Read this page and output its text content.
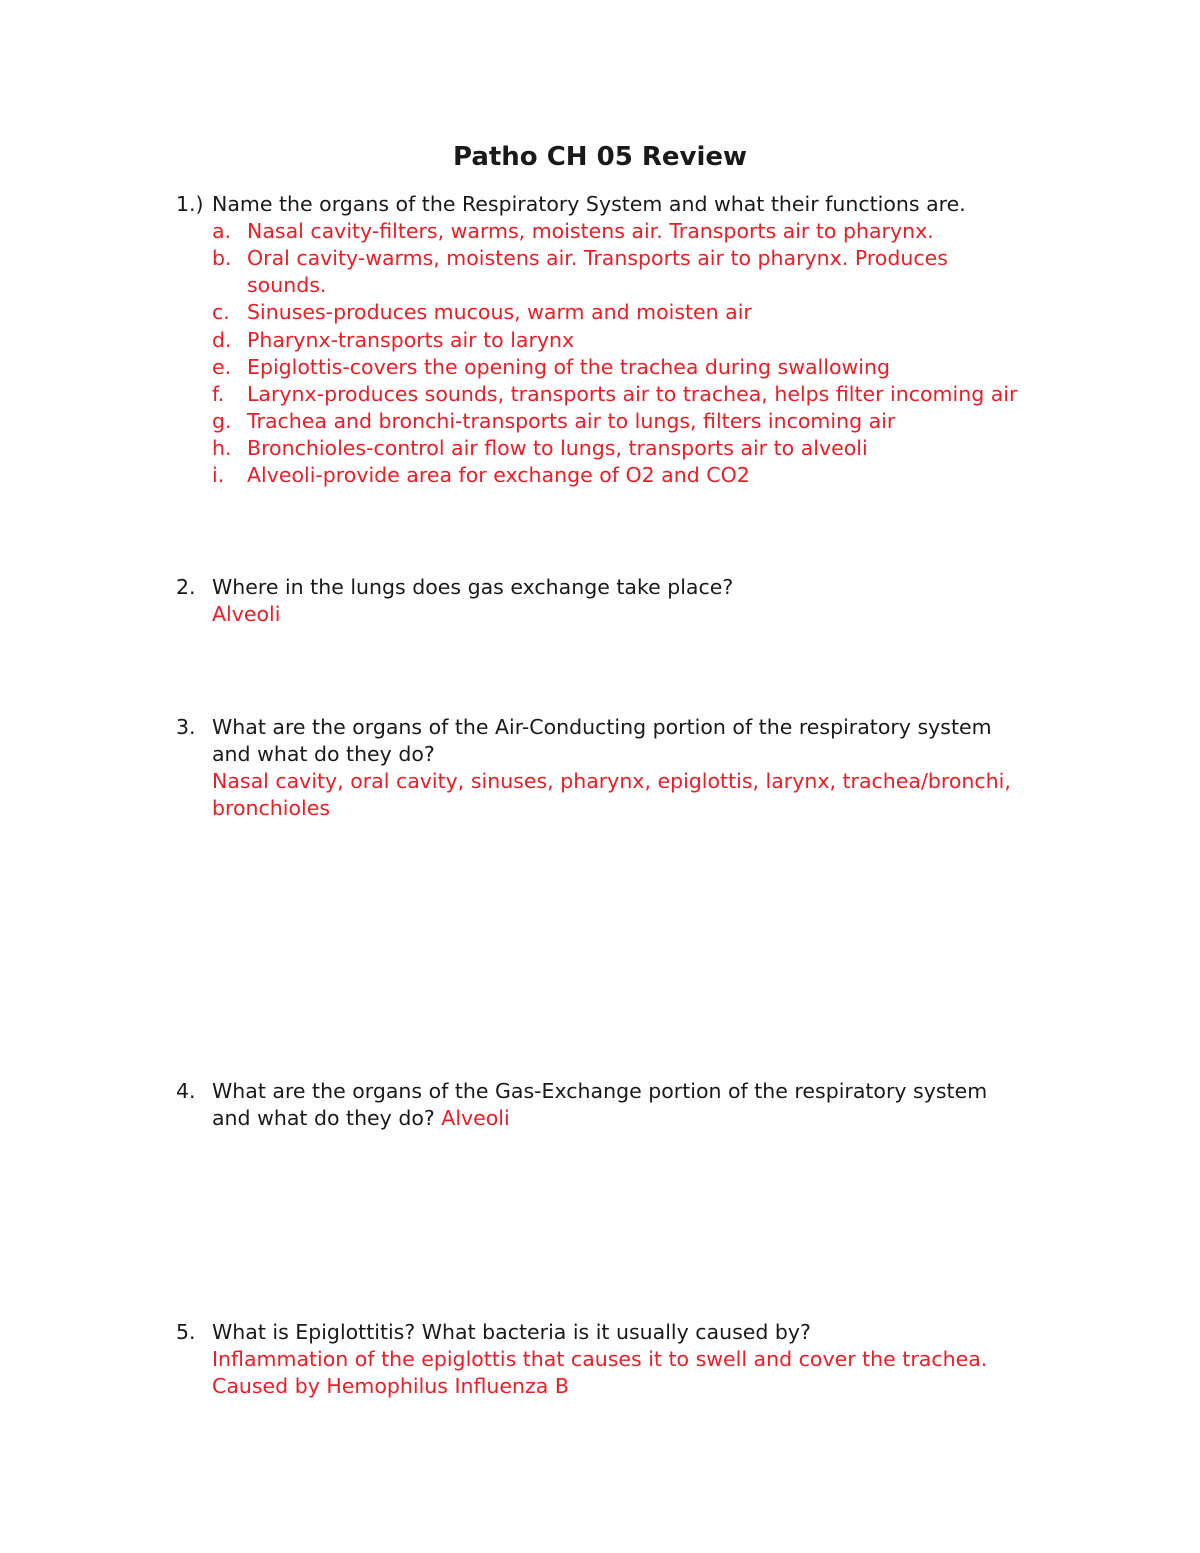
Patho CH 05 Review
1.) Name the organs of the Respiratory System and what their functions are.
a. Nasal cavity-filters, warms, moistens air. Transports air to pharynx.
b. Oral cavity-warms, moistens air. Transports air to pharynx. Produces
sounds.
c. Sinuses-produces mucous, warm and moisten air
d. Pharynx-transports air to larynx
e. Epiglottis-covers the opening of the trachea during swallowing
f. Larynx-produces sounds, transports air to trachea, helps filter incoming air
g. Trachea and bronchi-transports air to lungs, filters incoming air
h. Bronchioles-control air flow to lungs, transports air to alveoli
i. Alveoli-provide area for exchange of O2 and CO2
2. Where in the lungs does gas exchange take place?
Alveoli
3. What are the organs of the Air-Conducting portion of the respiratory system
and what do they do?
Nasal cavity, oral cavity, sinuses, pharynx, epiglottis, larynx, trachea/bronchi,
bronchioles
4. What are the organs of the Gas-Exchange portion of the respiratory system
and what do they do? Alveoli
5. What is Epiglottitis? What bacteria is it usually caused by?
Inflammation of the epiglottis that causes it to swell and cover the trachea.
Caused by Hemophilus Influenza B
